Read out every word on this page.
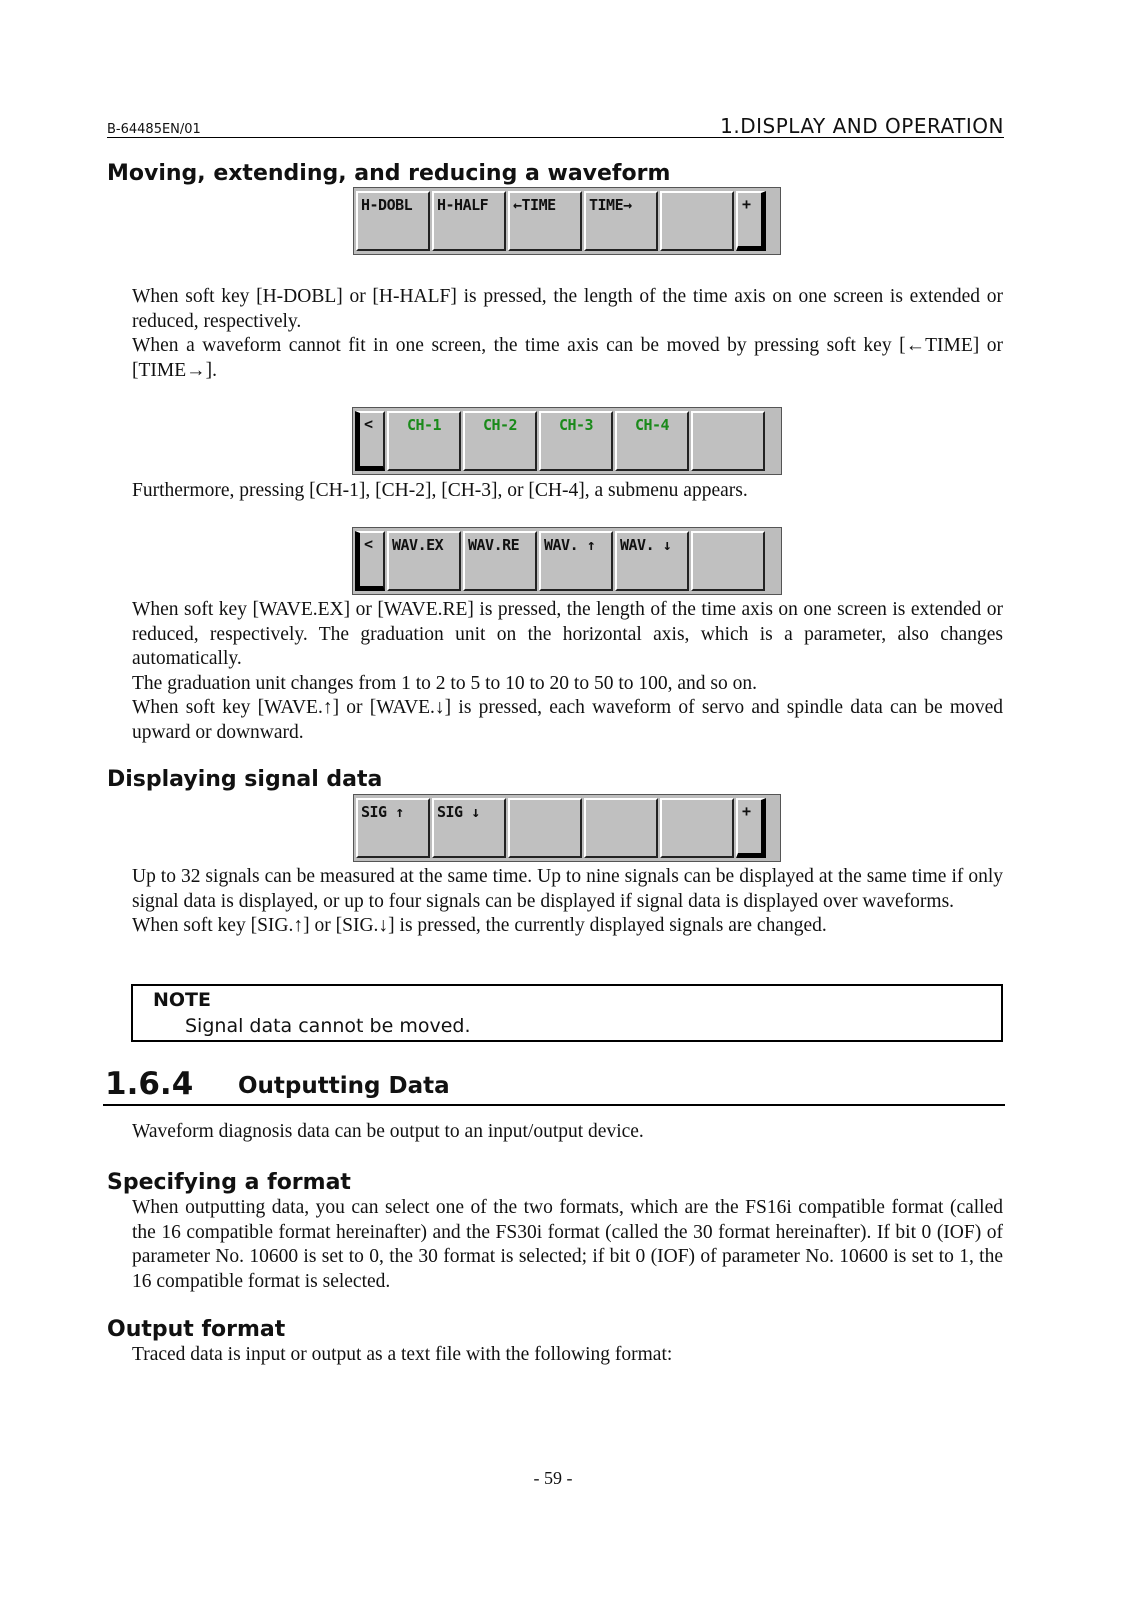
B-64485EN/01	1.DISPLAY AND OPERATION
Moving, extending, and reducing a waveform
H-DOBL	H-HALF	←TIME	TIME→	+
When soft key [H-DOBL] or [H-HALF] is pressed, the length of the time axis on one screen is extended or reduced, respectively.
When a waveform cannot fit in one screen, the time axis can be moved by pressing soft key [←TIME] or [TIME→].
<	CH-1	CH-2	CH-3	CH-4
Furthermore, pressing [CH-1], [CH-2], [CH-3], or [CH-4], a submenu appears.
<	WAV.EX	WAV.RE	WAV. ↑	WAV. ↓
When soft key [WAVE.EX] or [WAVE.RE] is pressed, the length of the time axis on one screen is extended or reduced, respectively. The graduation unit on the horizontal axis, which is a parameter, also changes automatically.
The graduation unit changes from 1 to 2 to 5 to 10 to 20 to 50 to 100, and so on.
When soft key [WAVE.↑] or [WAVE.↓] is pressed, each waveform of servo and spindle data can be moved upward or downward.
Displaying signal data
SIG ↑	SIG ↓	+
Up to 32 signals can be measured at the same time. Up to nine signals can be displayed at the same time if only signal data is displayed, or up to four signals can be displayed if signal data is displayed over waveforms.
When soft key [SIG.↑] or [SIG.↓] is pressed, the currently displayed signals are changed.
NOTE
Signal data cannot be moved.
1.6.4 Outputting Data
Waveform diagnosis data can be output to an input/output device.
Specifying a format
When outputting data, you can select one of the two formats, which are the FS16i compatible format (called the 16 compatible format hereinafter) and the FS30i format (called the 30 format hereinafter). If bit 0 (IOF) of parameter No. 10600 is set to 0, the 30 format is selected; if bit 0 (IOF) of parameter No. 10600 is set to 1, the 16 compatible format is selected.
Output format
Traced data is input or output as a text file with the following format:
- 59 -
